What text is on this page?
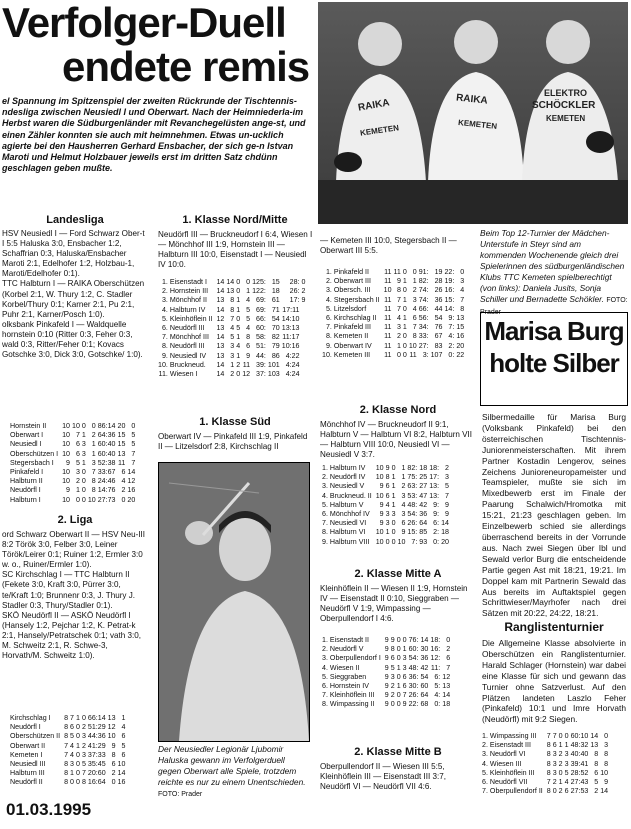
Verfolger-Duell
endete remis
el Spannung im Spitzenspiel der zweiten Rückrunde der Tischtennis-ndesliga zwischen Neusiedl I und Oberwart. Nach der Heimniederla-im Herbst waren die Südburgenländer mit Revanchegelüsten ange-st, und einen Zähler konnten sie auch mit heimnehmen. Etwas un-ucklich agierte bei den Hausherren Gerhard Ensbacher, der sich ge-n Istvan Maroti und Helmut Holzbauer jeweils erst im dritten Satz chdünn geschlagen geben mußte.
Landesliga

HSV Neusiedl I — Ford Schwarz Ober-t I 5:5 Haluska 3:0, Ensbacher 1:2, Schaffrian 0:3, Haluska/Ensbacher Maroti 2:1, Edelhofer 1:2, Holzbau-1, Maroti/Edelhofer 0:1).

TTC Halbturn I — RAIKA Oberschützen (Korbel 2:1, W. Thury 1:2, C. Stadler Korbel/Thury 0:1; Karner 2:1, Pu 2:1, Puhr 2:1, Karner/Posch 1:0).

olksbank Pinkafeld I — Waldquelle hornstein 0:10 (Ritter 0:3, Feher 0:3, wald 0:3, Ritter/Feher 0:1; Kovacs Gotschke 3:0, Dick 3:0, Gotschke/ 1:0).

Hornstein II	10	10	0	0	86:14	20	0
Oberwart I	10	7	1	2	64:36	15	5
Neusiedl I	10	6	3	1	60:40	15	5
Oberschützen I	10	6	3	1	60:40	13	7
Stegersbach I	9	5	1	3	52:38	11	7
Pinkafeld I	10	3	0	7	33:67	6	14
Halbturn II	10	2	0	8	24:46	4	12
Neudörfl I	9	1	0	8	14:76	2	16
Halbturn I	10	0	0	10	27:73	0	20
2. Liga

ord Schwarz Oberwart II — HSV Neu-III 8:2 Török 3:0, Felber 3:0, Leiner Török/Leirer 0:1; Ruiner 1:2, Ermler 3:0 w. o., Ruiner/Ermler 1:0).

SC Kirchschlag I — TTC Halbturn II (Fekete 3:0, Kraft 3:0, Pürrer 3:0, te/Kraft 1:0; Brunnenr 0:3, J. Thury J. Stadler 0:3, Thury/Stadler 0:1).

SKÖ Neudörfl II — ASKÖ Neudörfl I (Hansely 1:2, Pejchar 1:2, K. Petrat-k 2:1, Hansely/Petratschek 0:1; vath 3:0, M. Schweitz 2:1, R. Schwe-3, Horvath/M. Schweitz 1:0).

Kirchschlag I	8	7	1	0	66:14	13	1
Neudörfl I	8	6	0	2	51:29	12	4
Oberschützen II	8	5	0	3	44:36	10	6
Oberwart II	7	4	1	2	41:29	9	5
Kemeten I	7	4	0	3	37:33	8	6
Neusiedl III	8	3	0	5	35:45	6	10
Halbturn III	8	1	0	7	20:60	2	14
Neudörfl II	8	0	0	8	16:64	0	16
1. Klasse Nord/Mitte
Neudörfl III — Bruckneudorf I 6:4, Wiesen I — Mönchhof III 1:9, Hornstein III — Halbturn III 10:0, Eisenstadt I — Neusiedl IV 10:0.
1.	Eisenstadt I	14	14	0	0	125:	15	28:	0
2.	Hornstein III	14	13	0	1	122:	18	26:	2
3.	Mönchhof II	13	8	1	4	69:	61	17:	9
4.	Halbturn IV	14	8	1	5	69:	71	17:11	
5.	Kleinhöflein II	12	7	0	5	66:	54	14:10	
6.	Neudörfl III	13	4	5	4	60:	70	13:13	
7.	Mönchhof III	14	5	1	8	58:	82	11:17	
8.	Neudörfl III	13	3	4	6	51:	79	10:16	
9.	Neusiedl IV	13	3	1	9	44:	86	4:22	
10.	Bruckneud.	14	1	2	11	39:	101	4:24	
11.	Wiesen I	14	2	0	12	37:	103	4:24	
RAIKA
KEMETEN
RAIKA
KEMETEN
ELEKTRO
SCHÖCKLER
KEMETEN
Beim Top 12-Turnier der Mädchen-Unterstufe in Steyr sind am kommenden Wochenende gleich drei Spielerinnen des südburgenländischen Klubs TTC Kemeten spielberechtigt (von links): Daniela Jusits, Sonja Schiller und Bernadette Schökler. FOTO: Prader
— Kemeten III 10:0, Stegersbach II — Oberwart III 5:5.
1.	Pinkafeld II	11	11	0	0	91:	19	22:	0
2.	Oberwart III	11	9	1	1	82:	28	19:	3
3.	Obersch. III	10	8	0	2	74:	26	16:	4
4.	Stegersbach II	11	7	1	3	74:	36	15:	7
5.	Litzelsdorf	11	7	0	4	66:	44	14:	8
6.	Kirchschlag II	11	4	1	6	56:	54	9:	13
7.	Pinkafeld III	11	3	1	7	34:	76	7:	15
8.	Kemeten II	11	2	0	8	33:	67	4:	16
9.	Oberwart IV	11	1	0	10	27:	83	2:	20
10.	Kemeten III	11	0	0	11	3:	107	0:	22
1. Klasse Süd
Oberwart IV — Pinkafeld III 1:9, Pinkafeld II — Litzelsdorf 2:8, Kirchschlag II
Der Neusiedler Legionär Ljubomir Haluska gewann im Verfolgerduell gegen Oberwart alle Spiele, trotzdem reichte es nur zu einem Unentschieden. FOTO: Prader
2. Klasse Nord
Mönchhof IV — Bruckneudorf II 9:1, Halbturn V — Halbturn VI 8:2, Halbturn VII — Halbturn VIII 10:0, Neusiedl VI — Neusiedl V 3:7.
1.	Halbturn IV	10	9	0	1	82:	18	18:	2
2.	Neudörfl IV	10	8	1	1	75:	25	17:	3
3.	Neusiedl V	9	6	1	2	63:	27	13:	5
4.	Bruckneud. II	10	6	1	3	53:	47	13:	7
5.	Halbturn V	9	4	1	4	48:	42	9:	9
6.	Mönchhof IV	9	3	3	3	54:	36	9:	9
7.	Neusiedl VI	9	3	0	6	26:	64	6:	14
8.	Halbturn VI	10	1	0	9	15:	85	2:	18
9.	Halbturn VIII	10	0	0	10	7:	93	0:	20
2. Klasse Mitte A
Kleinhöflein II — Wiesen II 1:9, Hornstein IV — Eisenstadt II 0:10, Sieggraben — Neudörfl V 1:9, Wimpassing — Oberpullendorf I 4:6.
1.	Eisenstadt II	9	9	0	0	76:	14	18:	0
2.	Neudörfl V	9	8	0	1	60:	30	16:	2
3.	Oberpullendorf I	9	6	0	3	54:	36	12:	6
4.	Wiesen II	9	5	1	3	48:	42	11:	7
5.	Sieggraben	9	3	0	6	36:	54	6:	12
6.	Hornstein IV	9	2	1	6	30:	60	5:	13
7.	Kleinhöflein III	9	2	0	7	26:	64	4:	14
8.	Wimpassing II	9	0	0	9	22:	68	0:	18
2. Klasse Mitte B
Oberpullendorf II — Wiesen III 5:5, Kleinhöflein III — Eisenstadt III 3:7, Neudörfl VI — Neudörfl VII 4:6.
Marisa Burg
holte Silber
Silbermedaille für Marisa Burg (Volksbank Pinkafeld) bei den österreichischen Tischtennis-Juniorenmeisterschaften. Mit ihrem Partner Kostadin Lengerov, seines Zeichens Junioreneuropameister und Teamspieler, mußte sie sich im Mixedbewerb erst im Finale der Paarung Schalwich/Hromotka mit 15:21, 21:23 geschlagen geben. Im Einzelbewerb schied sie allerdings überraschend bereits in der Vorrunde aus. Nach zwei Siegen über Ibl und Sewald verlor Burg die entscheidende Partie gegen Ast mit 18:21, 19:21. Im Doppel kam mit Partnerin Sewald das Aus bereits im Auftaktspiel gegen Schrittwieser/Mayrhofer nach drei Sätzen mit 20:22, 24:22, 18:21.
Ranglistenturnier
Die Allgemeine Klasse absolvierte in Oberschützen ein Ranglistenturnier. Harald Schlager (Hornstein) war dabei eine Klasse für sich und gewann das Turnier ohne Satzverlust. Auf den Plätzen landeten Laszlo Feher (Pinkafeld) 10:1 und Imre Horvath (Neudörfl) mit 9:2 Siegen.
1.	Wimpassing III	7	7	0	0	60:10	14	0
2.	Eisenstadt III	8	6	1	1	48:32	13	3
3.	Neudörfl VI	8	3	2	3	40:40	8	8
4.	Wiesen III	8	3	2	3	39:41	8	8
5.	Kleinhöflein III	8	3	0	5	28:52	6	10
6.	Neudörfl VII	7	2	1	4	27:43	5	9
7.	Oberpullendorf II	8	0	2	6	27:53	2	14
01.03.1995
